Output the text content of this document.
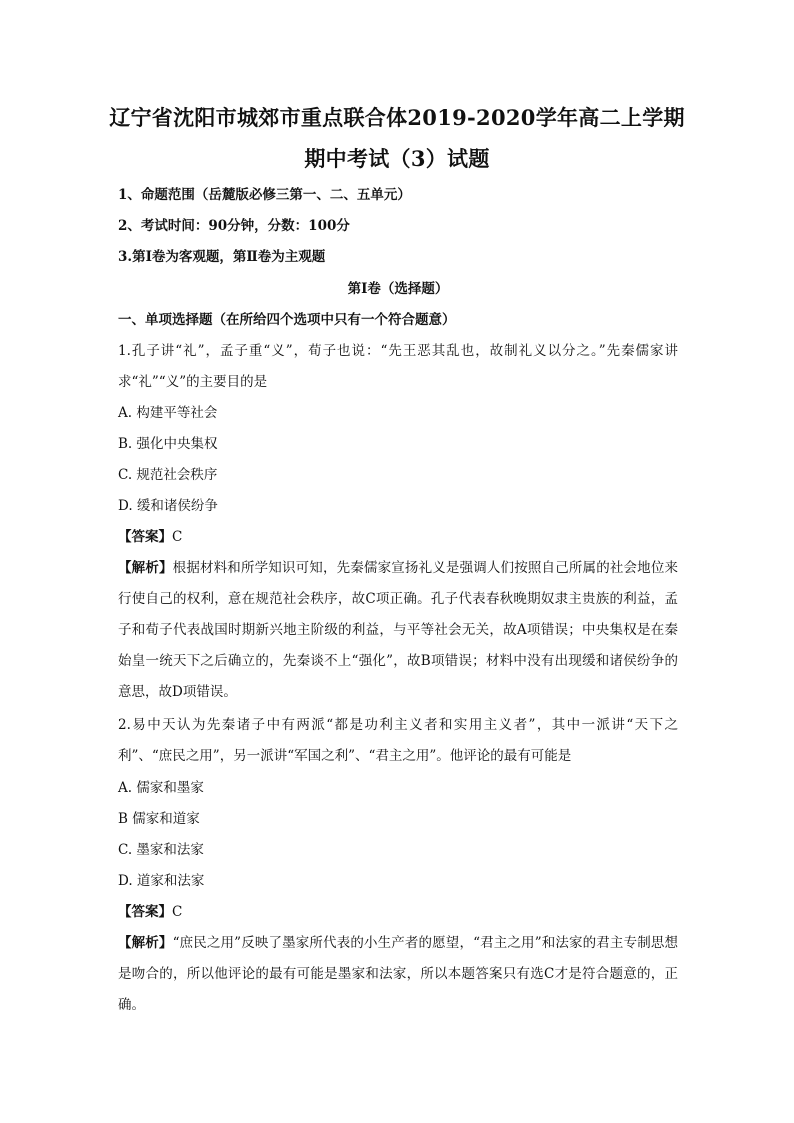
辽宁省沈阳市城郊市重点联合体2019-2020学年高二上学期
期中考试（3）试题
1、命题范围（岳麓版必修三第一、二、五单元）
2、考试时间：90分钟，分数：100分
3.第Ⅰ卷为客观题，第Ⅱ卷为主观题
第Ⅰ卷（选择题）
一、单项选择题（在所给四个选项中只有一个符合题意）
1.孔子讲“礼”，孟子重“义”，荀子也说：“先王恶其乱也，故制礼义以分之。”先秦儒家讲求“礼”“义”的主要目的是
A. 构建平等社会
B. 强化中央集权
C. 规范社会秩序
D. 缓和诸侯纷争
【答案】C
【解析】根据材料和所学知识可知，先秦儒家宣扬礼义是强调人们按照自己所属的社会地位来行使自己的权利，意在规范社会秩序，故C项正确。孔子代表春秋晚期奴隶主贵族的利益，孟子和荀子代表战国时期新兴地主阶级的利益，与平等社会无关，故A项错误；中央集权是在秦始皇一统天下之后确立的，先秦谈不上“强化”，故B项错误；材料中没有出现缓和诸侯纷争的意思，故D项错误。
2.易中天认为先秦诸子中有两派“都是功利主义者和实用主义者”，其中一派讲“天下之利”、“庶民之用”，另一派讲“军国之利”、“君主之用”。他评论的最有可能是
A. 儒家和墨家
B 儒家和道家
C. 墨家和法家
D. 道家和法家
【答案】C
【解析】“庶民之用”反映了墨家所代表的小生产者的愿望，“君主之用”和法家的君主专制思想是吻合的，所以他评论的最有可能是墨家和法家，所以本题答案只有选C才是符合题意的，正确。
